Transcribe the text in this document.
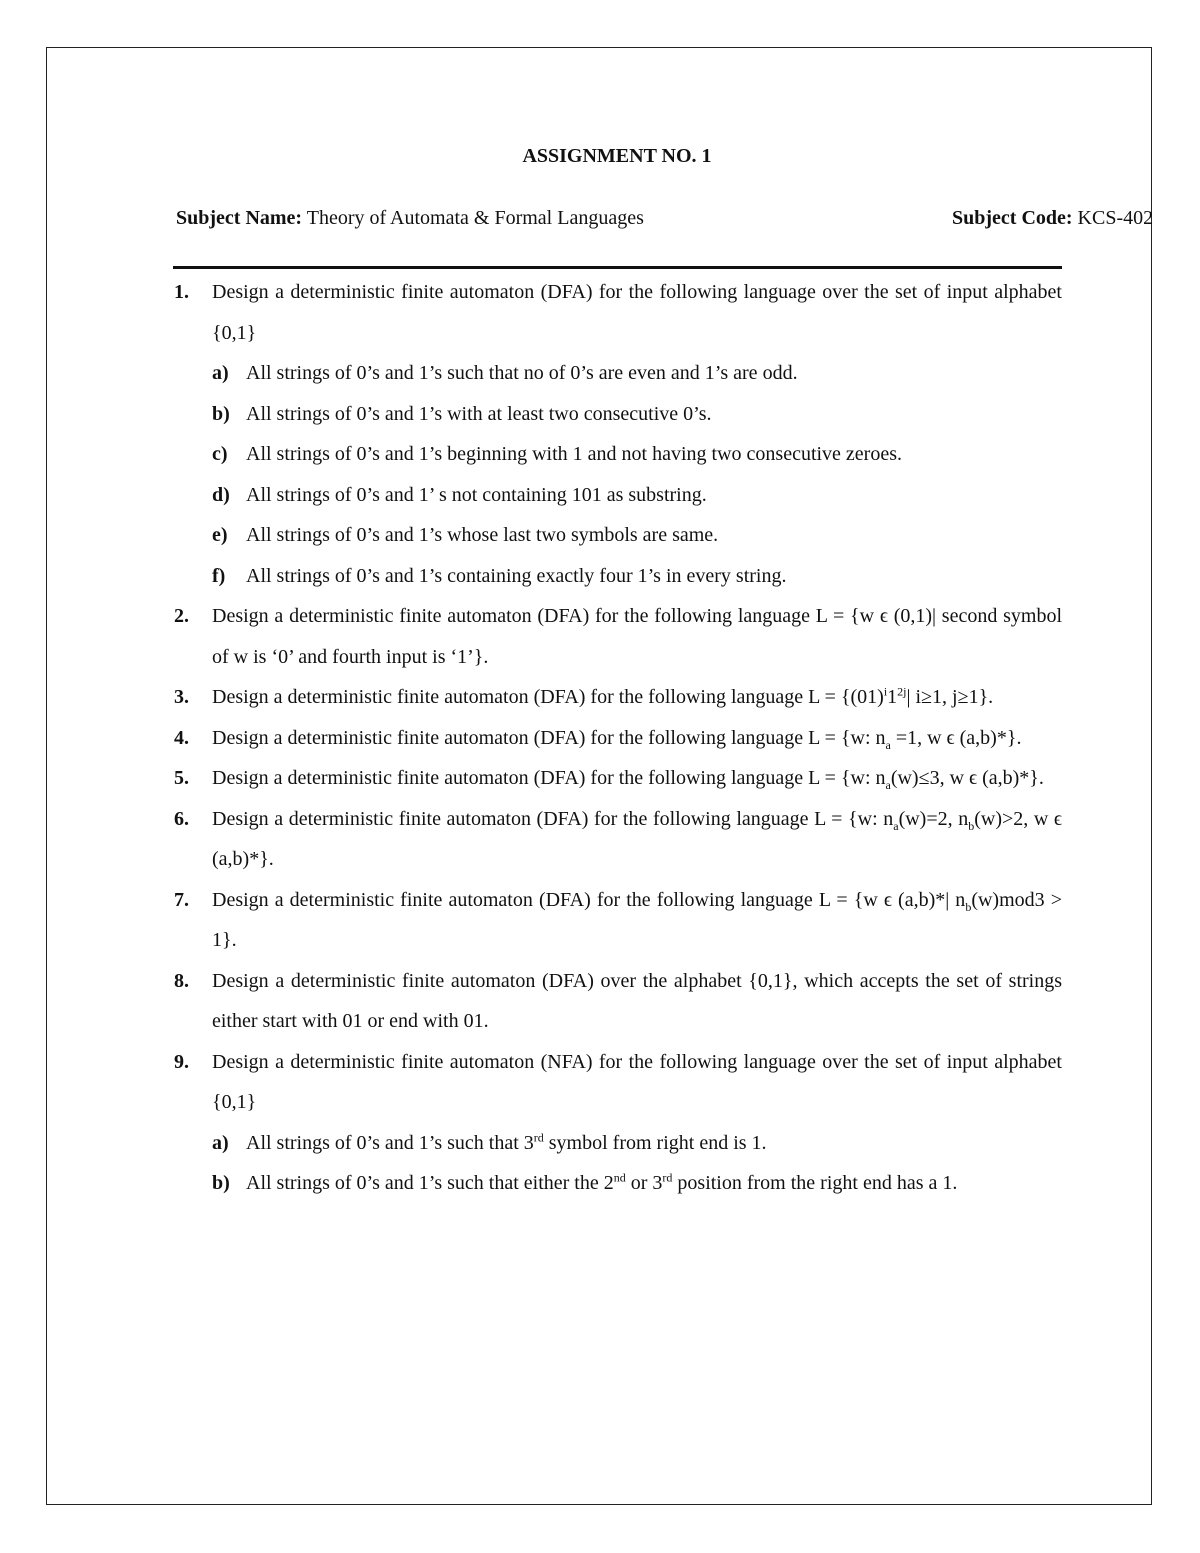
ASSIGNMENT NO. 1
Subject Name: Theory of Automata & Formal Languages	Subject Code: KCS-402
1.	Design a deterministic finite automaton (DFA) for the following language over the set of input alphabet {0,1}
a) All strings of 0’s and 1’s such that no of 0’s are even and 1’s are odd.
b) All strings of 0’s and 1’s with at least two consecutive 0’s.
c) All strings of 0’s and 1’s beginning with 1 and not having two consecutive zeroes.
d) All strings of 0’s and 1’ s not containing 101 as substring.
e) All strings of 0’s and 1’s whose last two symbols are same.
f)	All strings of 0’s and 1’s containing exactly four 1’s in every string.
2.	Design a deterministic finite automaton (DFA) for the following language L = {w ϵ (0,1)| second symbol of w is ‘0’ and fourth input is ‘1’}.
3.	Design a deterministic finite automaton (DFA) for the following language $L = \{(01)^i1^{2j}|$ i≥1, j≥1}.
4.	Design a deterministic finite automaton (DFA) for the following language L = {w: $n_a =1$, w ϵ (a,b)*}.
5.	Design a deterministic finite automaton (DFA) for the following language L = {w: $n_a(w)\le 3$, w ϵ (a,b)*}.
6.	Design a deterministic finite automaton (DFA) for the following language L = {w: $n_a(w)=2$, $n_b(w)>2$, w ϵ (a,b)*}.
7.	Design a deterministic finite automaton (DFA) for the following language L = {w ϵ (a,b)*| $n_b(w)mod3 > 1$}.
8.	Design a deterministic finite automaton (DFA) over the alphabet {0,1}, which accepts the set of strings either start with 01 or end with 01.
9.	Design a deterministic finite automaton (NFA) for the following language over the set of input alphabet {0,1}
a) All strings of 0’s and 1’s such that 3rd symbol from right end is 1.
b) All strings of 0’s and 1’s such that either the 2nd or 3rd position from the right end has a 1.
